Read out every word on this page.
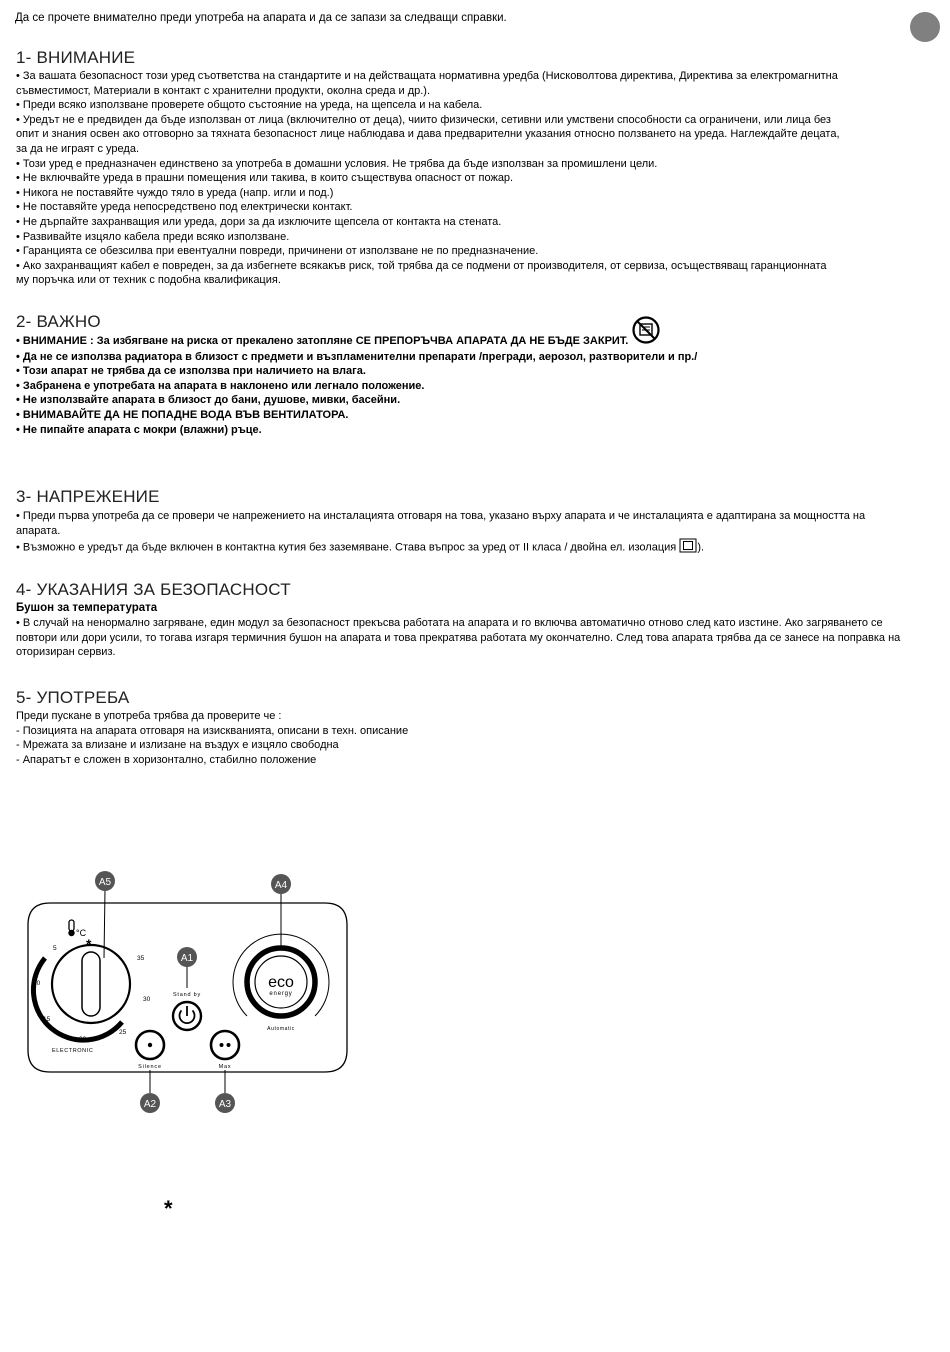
Да се прочете внимателно преди употреба на апарата и да се запази за следващи справки.
1- ВНИМАНИЕ
• За вашата безопасност този уред съответства на стандартите и на действащата нормативна уредба (Нисковолтова директива, Директива за електромагнитна
съвместимост, Материали в контакт с хранителни продукти, околна среда и др.).
• Преди всяко използване проверете общото състояние на уреда, на щепсела и на кабела.
• Уредът не е предвиден да бъде използван от лица (включително от деца), чиито физически, сетивни или умствени способности са ограничени, или лица без
опит и знания освен ако отговорно за тяхната безопасност лице наблюдава и дава предварителни указания относно ползването на уреда. Наглеждайте децата,
за да не играят с уреда.
• Този уред е предназначен единствено за употреба в домашни условия. Не трябва да бъде използван за промишлени цели.
• Не включвайте уреда в прашни помещения или такива, в които съществува опасност от пожар.
• Никога не поставяйте чуждо тяло в уреда (напр. игли и под.)
• Не поставяйте уреда непосредствено под електрически контакт.
• Не дърпайте захранващия или уреда, дори за да изключите щепсела от контакта на стената.
• Развивайте изцяло кабела преди всяко използване.
• Гаранцията се обезсилва при евентуални повреди, причинени от използване не по предназначение.
• Ако захранващият кабел е повреден, за да избегнете всякакъв риск, той трябва да се подмени от производителя, от сервиза, осъществяващ гаранционната
му поръчка или от техник с подобна квалификация.
2- ВАЖНО
• ВНИМАНИЕ : За избягване на риска от прекалено затопляне СЕ ПРЕПОРЪЧВА АПАРАТА ДА НЕ БЪДЕ ЗАКРИТ.
• Да не се използва радиатора в близост с предмети и възпламенителни препарати /прегради, аерозол, разтворители и пр./
• Този апарат не трябва да се използва при наличието на влага.
• Забранена е употребата на апарата в наклонено или легнало положение.
• Не използвайте апарата в близост до бани, душове, мивки, басейни.
• ВНИМАВАЙТЕ ДА НЕ ПОПАДНЕ ВОДА ВЪВ ВЕНТИЛАТОРА.
• Не пипайте апарата с мокри (влажни) ръце.
3- НАПРЕЖЕНИЕ
• Преди първа употреба да се провери че напрежението на инсталацията отговаря на това, указано върху апарата и че инсталацията е адаптирана за мощността на
апарата.
• Възможно е уредът да бъде включен в контактна кутия без заземяване. Става въпрос за уред от II класа / двойна ел. изолация ).
4- УКАЗАНИЯ ЗА БЕЗОПАСНОСТ
Бушон за температурата
• В случай на ненормално загряване, един модул за безопасност прекъсва работата на апарата и го включва автоматично отново след като изстине. Ако загряването се
повтори или дори усили, то тогава изгаря термичния бушон на апарата и това прекратява работата му окончателно. След това апарата трябва да се занесе на поправка на
оторизиран сервиз.
5- УПОТРЕБА
Преди пускане в употреба трябва да проверите че :
- Позицията на апарата отговаря на изискванията, описани в техн. описание
- Мрежата за влизане и излизане на въздух е изцяло свободна
- Апаратът е сложен в хоризонтално, стабилно положение
°C
*
5
10
15
20
25
30
35
ELECTRONIC
Stand by
eco
energy
Automatic
Silence	Max
A5	A4
A1
A2	A3
*
